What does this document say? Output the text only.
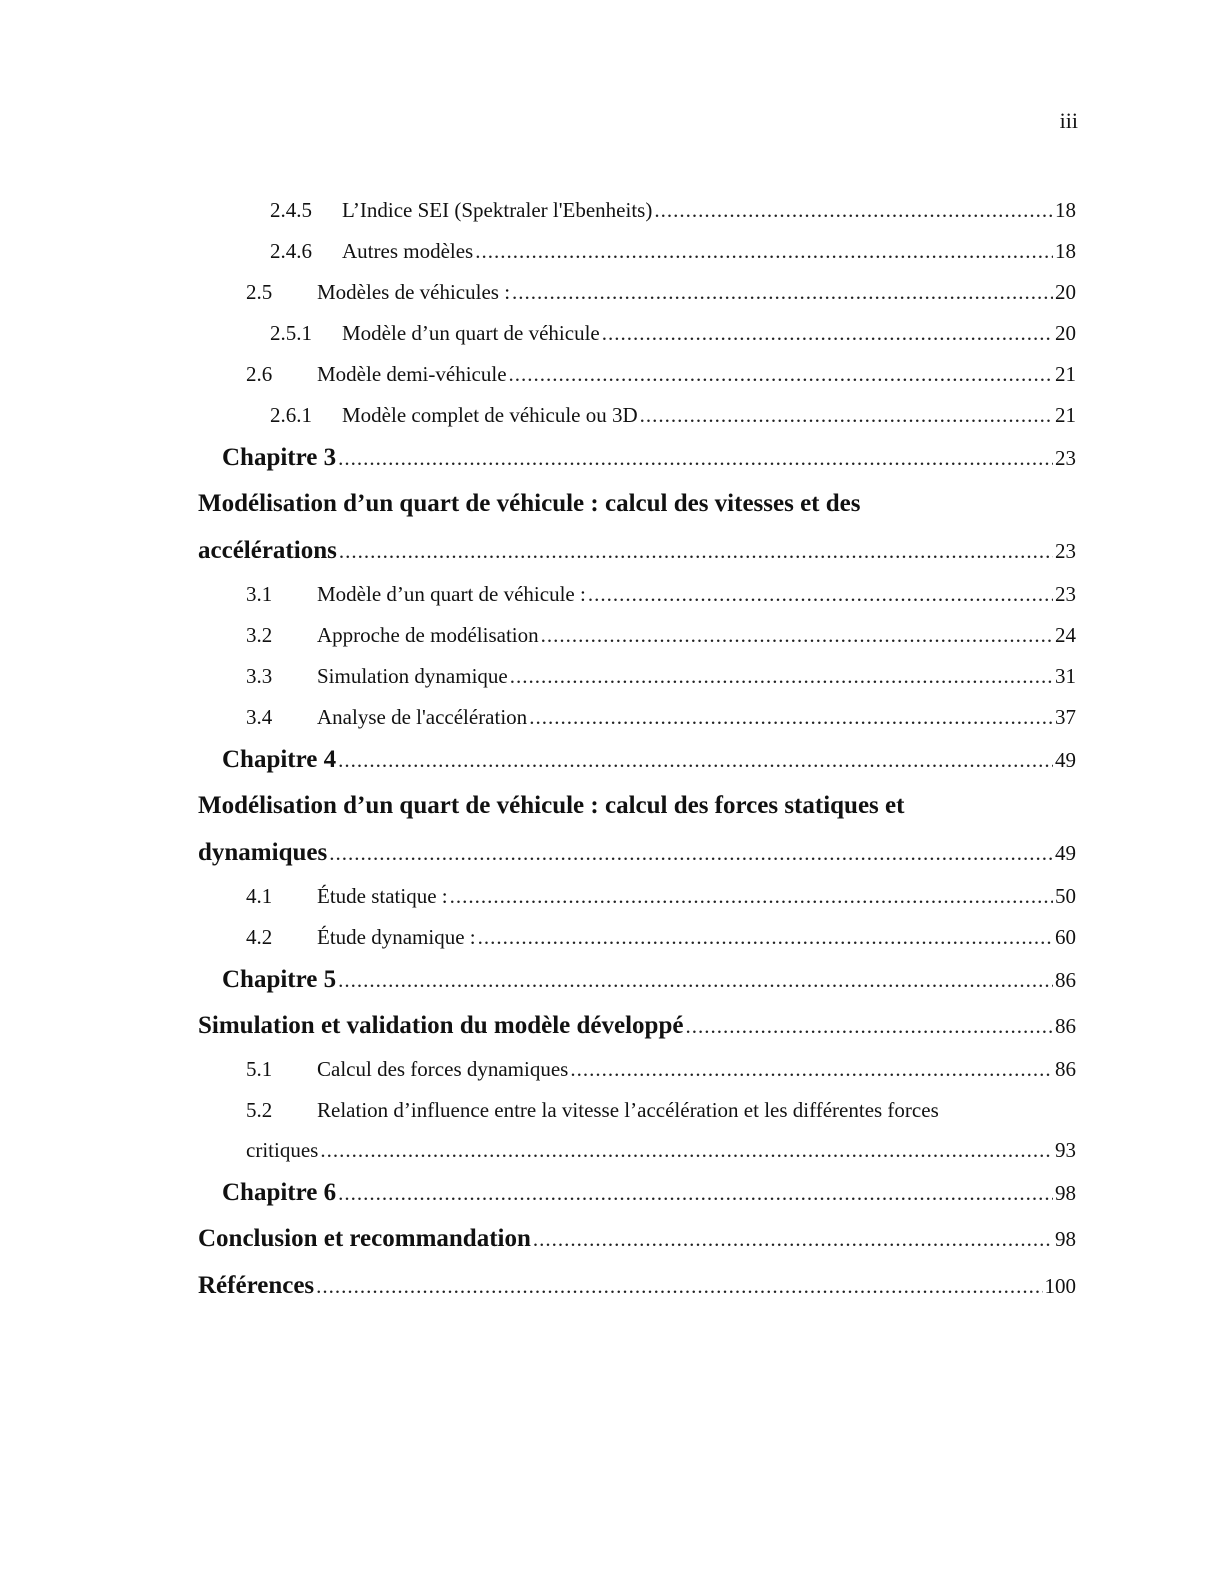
iii
2.4.5	L’Indice SEI (Spektraler l'Ebenheits) .....	18
2.4.6	Autres modèles .....	18
2.5	Modèles de véhicules : .....	20
2.5.1	Modèle d’un quart de véhicule .....	20
2.6	Modèle demi-véhicule .....	21
2.6.1	Modèle complet de véhicule ou 3D .....	21
Chapitre 3 .....	23
Modélisation d’un quart de véhicule : calcul des vitesses et des
accélérations .....	23
3.1	Modèle d’un quart de véhicule : .....	23
3.2	Approche de modélisation .....	24
3.3	Simulation dynamique .....	31
3.4	Analyse de l'accélération .....	37
Chapitre 4 .....	49
Modélisation d’un quart de véhicule : calcul des forces statiques et
dynamiques .....	49
4.1	Étude statique : .....	50
4.2	Étude dynamique : .....	60
Chapitre 5 .....	86
Simulation et validation du modèle développé .....	86
5.1	Calcul des forces dynamiques .....	86
5.2 Relation d’influence entre la vitesse l’accélération et les différentes forces
critiques .....	93
Chapitre 6 .....	98
Conclusion et recommandation .....	98
Références .....	100
